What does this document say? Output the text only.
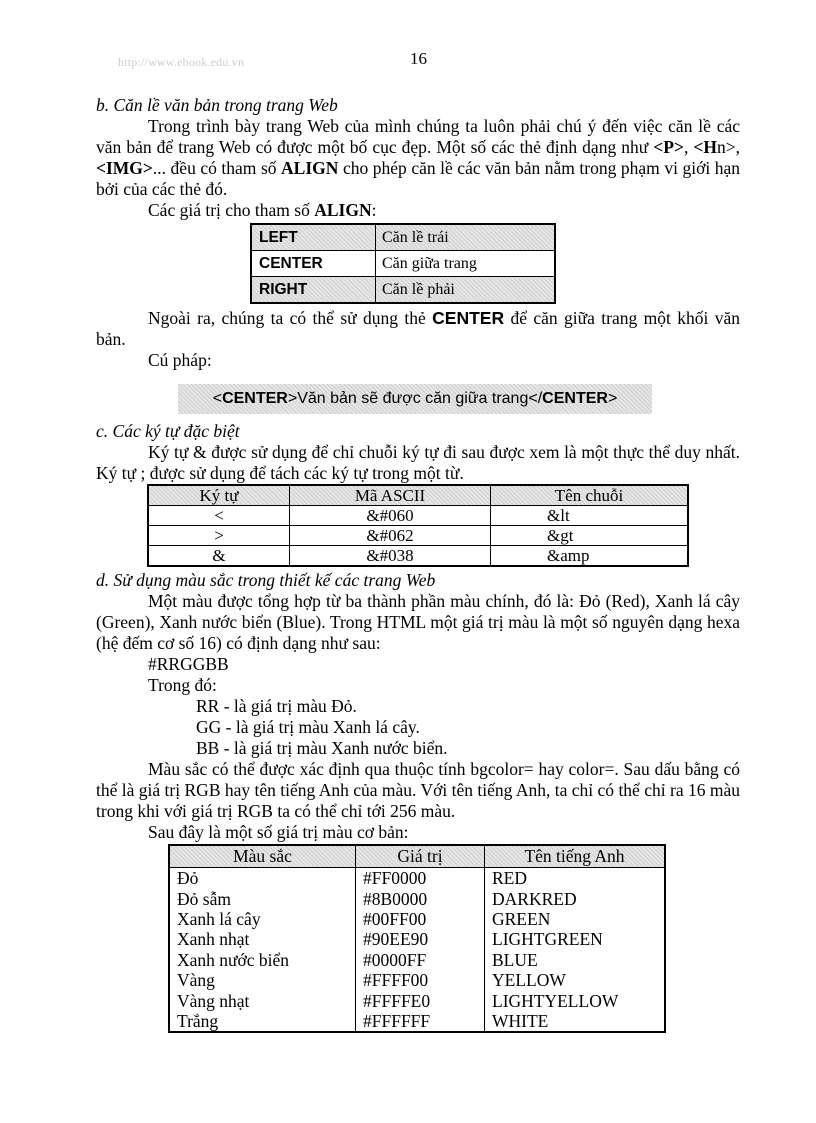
http://www.ebook.edu.vn	16

b. Căn lề văn bản trong trang Web

Trong trình bày trang Web của mình chúng ta luôn phải chú ý đến việc căn lề các văn bản để trang Web có được một bố cục đẹp. Một số các thẻ định dạng như <P>, <Hn>, <IMG>... đều có tham số ALIGN cho phép căn lề các văn bản nằm trong phạm vi giới hạn bởi của các thẻ đó.

Các giá trị cho tham số ALIGN:

LEFT	Căn lề trái
CENTER	Căn giữa trang
RIGHT	Căn lề phải

Ngoài ra, chúng ta có thể sử dụng thẻ CENTER để căn giữa trang một khối văn bản.

Cú pháp:

<CENTER>Văn bản sẽ được căn giữa trang</CENTER>

c. Các ký tự đặc biệt

Ký tự & được sử dụng để chỉ chuỗi ký tự đi sau được xem là một thực thể duy nhất. Ký tự ; được sử dụng để tách các ký tự trong một từ.

Ký tự	Mã ASCII	Tên chuỗi
<	&#060	&lt
>	&#062	&gt
&	&#038	&amp

d. Sử dụng màu sắc trong thiết kế các trang Web

Một màu được tổng hợp từ ba thành phần màu chính, đó là: Đỏ (Red), Xanh lá cây (Green), Xanh nước biển (Blue). Trong HTML một giá trị màu là một số nguyên dạng hexa (hệ đếm cơ số 16) có định dạng như sau:

#RRGGBB

Trong đó:

RR - là giá trị màu Đỏ.

GG - là giá trị màu Xanh lá cây.

BB - là giá trị màu Xanh nước biển.

Màu sắc có thể được xác định qua thuộc tính bgcolor= hay color=. Sau dấu bằng có thể là giá trị RGB hay tên tiếng Anh của màu. Với tên tiếng Anh, ta chỉ có thể chỉ ra 16 màu trong khi với giá trị RGB ta có thể chỉ tới 256 màu.

Sau đây là một số giá trị màu cơ bản:

Màu sắc	Giá trị	Tên tiếng Anh
Đỏ	#FF0000	RED
Đỏ sẫm	#8B0000	DARKRED
Xanh lá cây	#00FF00	GREEN
Xanh nhạt	#90EE90	LIGHTGREEN
Xanh nước biển	#0000FF	BLUE
Vàng	#FFFF00	YELLOW
Vàng nhạt	#FFFFE0	LIGHTYELLOW
Trắng	#FFFFFF	WHITE
